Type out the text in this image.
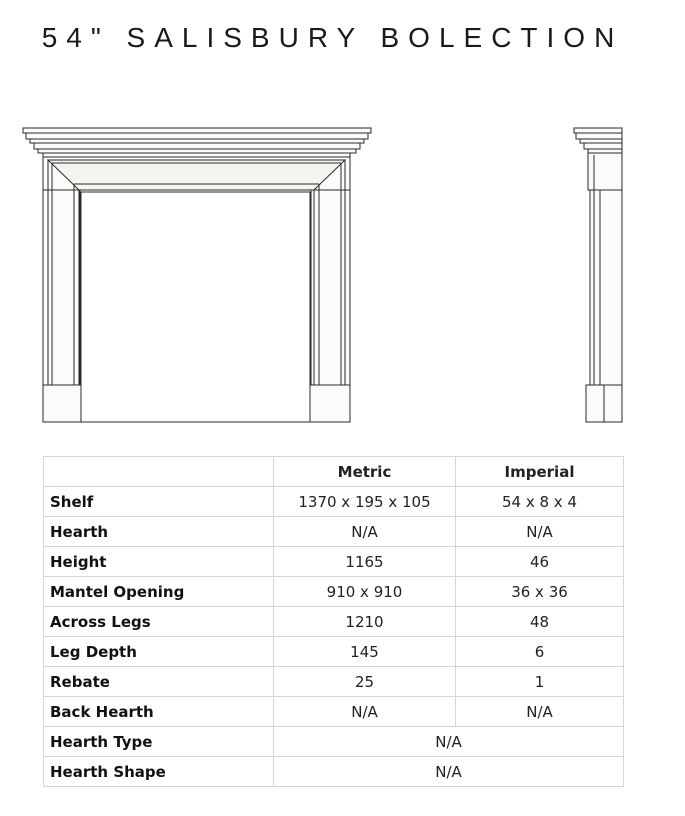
54" SALISBURY BOLECTION
	Metric	Imperial
Shelf	1370 x 195 x 105	54 x 8 x 4
Hearth	N/A	N/A
Height	1165	46
Mantel Opening	910 x 910	36 x 36
Across Legs	1210	48
Leg Depth	145	6
Rebate	25	1
Back Hearth	N/A	N/A
Hearth Type	N/A	
Hearth Shape	N/A	
